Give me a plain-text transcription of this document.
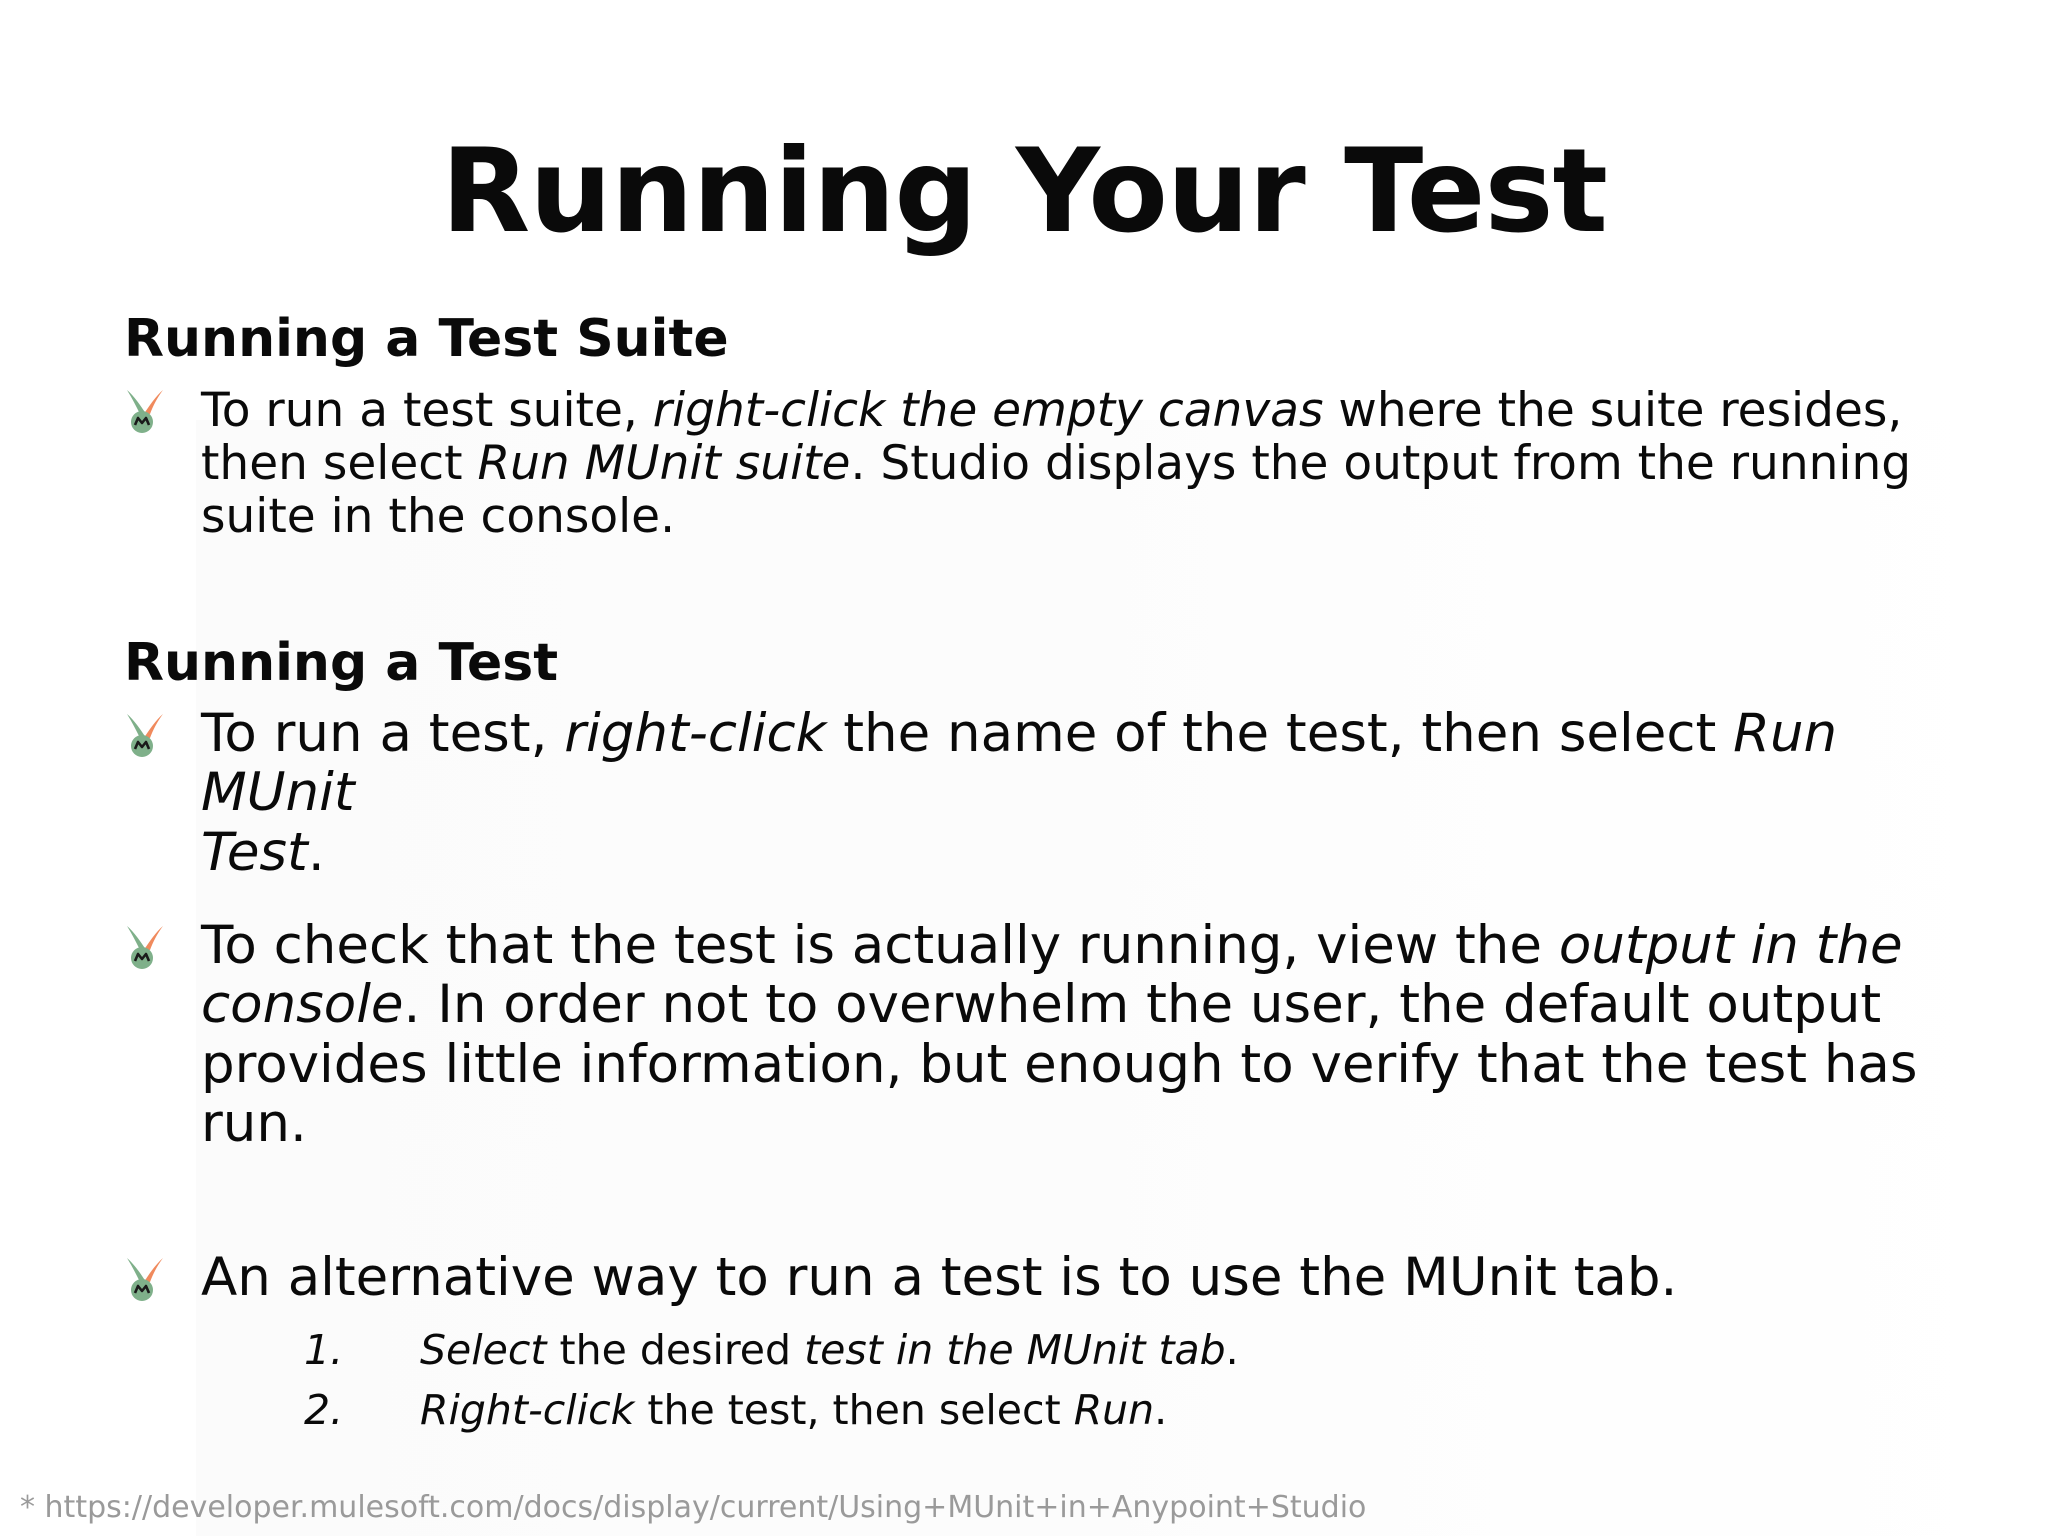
Running Your Test
Running a Test Suite
To run a test suite, right-click the empty canvas where the suite resides,
then select Run MUnit suite. Studio displays the output from the running
suite in the console.
Running a Test
To run a test, right-click the name of the test, then select Run MUnit
Test.
To check that the test is actually running, view the output in the
console. In order not to overwhelm the user, the default output
provides little information, but enough to verify that the test has
run.
An alternative way to run a test is to use the MUnit tab.
1. Select the desired test in the MUnit tab.
2. Right-click the test, then select Run.
* https://developer.mulesoft.com/docs/display/current/Using+MUnit+in+Anypoint+Studio
